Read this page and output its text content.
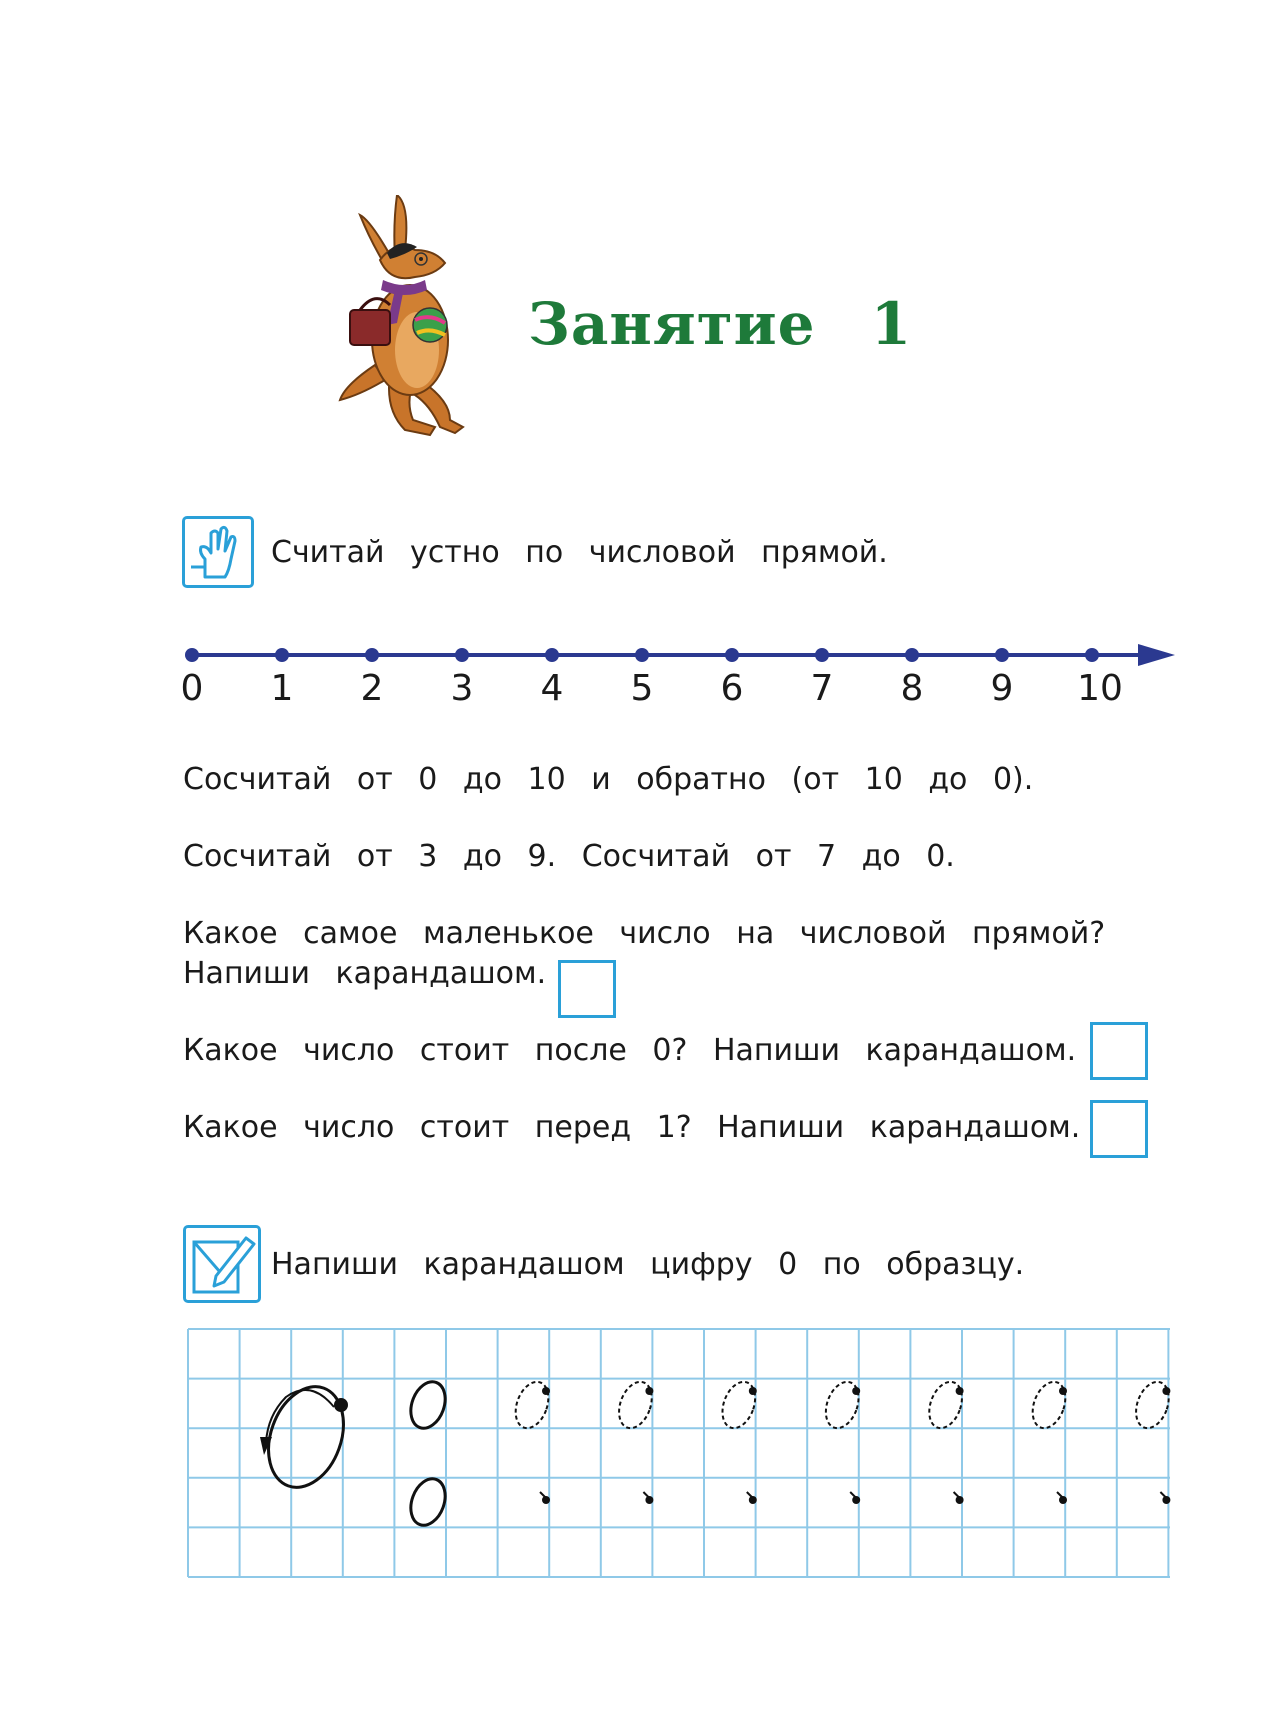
Занятие 1
Считай устно по числовой прямой.
0	1	2	3	4	5	6	7	8	9	10
Сосчитай от 0 до 10 и обратно (от 10 до 0).
Сосчитай от 3 до 9. Сосчитай от 7 до 0.
Какое самое маленькое число на числовой прямой?
Напиши карандашом.
Какое число стоит после 0? Напиши карандашом.
Какое число стоит перед 1? Напиши карандашом.
Напиши карандашом цифру 0 по образцу.
